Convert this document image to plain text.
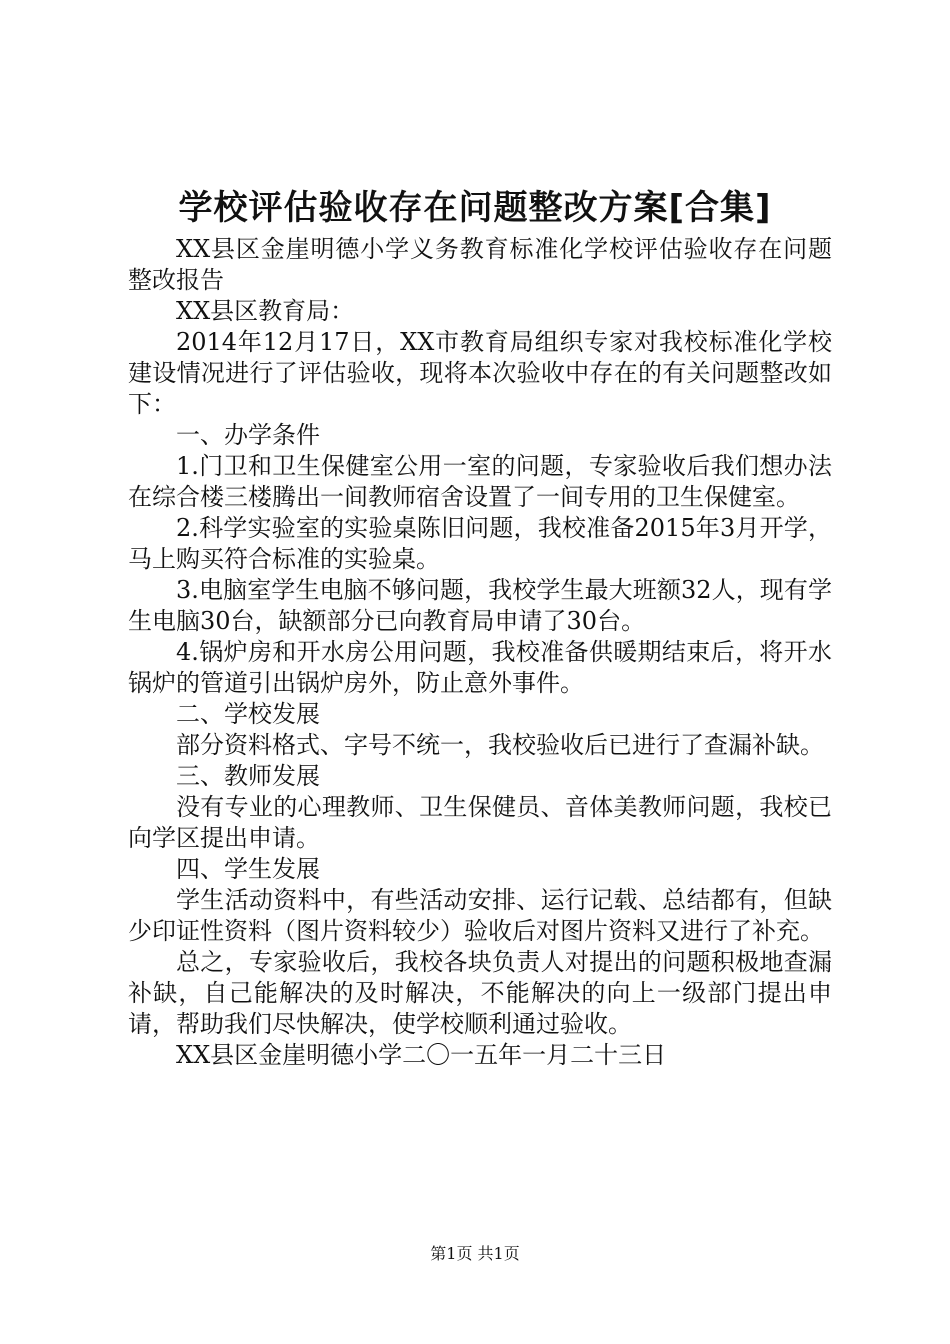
学校评估验收存在问题整改方案[合集]

XX县区金崖明德小学义务教育标准化学校评估验收存在问题整改报告

XX县区教育局：

2014年12月17日，XX市教育局组织专家对我校标准化学校建设情况进行了评估验收，现将本次验收中存在的有关问题整改如下：

一、办学条件

1.门卫和卫生保健室公用一室的问题，专家验收后我们想办法在综合楼三楼腾出一间教师宿舍设置了一间专用的卫生保健室。

2.科学实验室的实验桌陈旧问题，我校准备2015年3月开学，马上购买符合标准的实验桌。

3.电脑室学生电脑不够问题，我校学生最大班额32人，现有学生电脑30台，缺额部分已向教育局申请了30台。

4.锅炉房和开水房公用问题，我校准备供暖期结束后，将开水锅炉的管道引出锅炉房外，防止意外事件。

二、学校发展

部分资料格式、字号不统一，我校验收后已进行了查漏补缺。

三、教师发展

没有专业的心理教师、卫生保健员、音体美教师问题，我校已向学区提出申请。

四、学生发展

学生活动资料中，有些活动安排、运行记载、总结都有，但缺少印证性资料（图片资料较少）验收后对图片资料又进行了补充。

总之，专家验收后，我校各块负责人对提出的问题积极地查漏补缺，自己能解决的及时解决，不能解决的向上一级部门提出申请，帮助我们尽快解决，使学校顺利通过验收。

XX县区金崖明德小学二〇一五年一月二十三日

第1页 共1页
